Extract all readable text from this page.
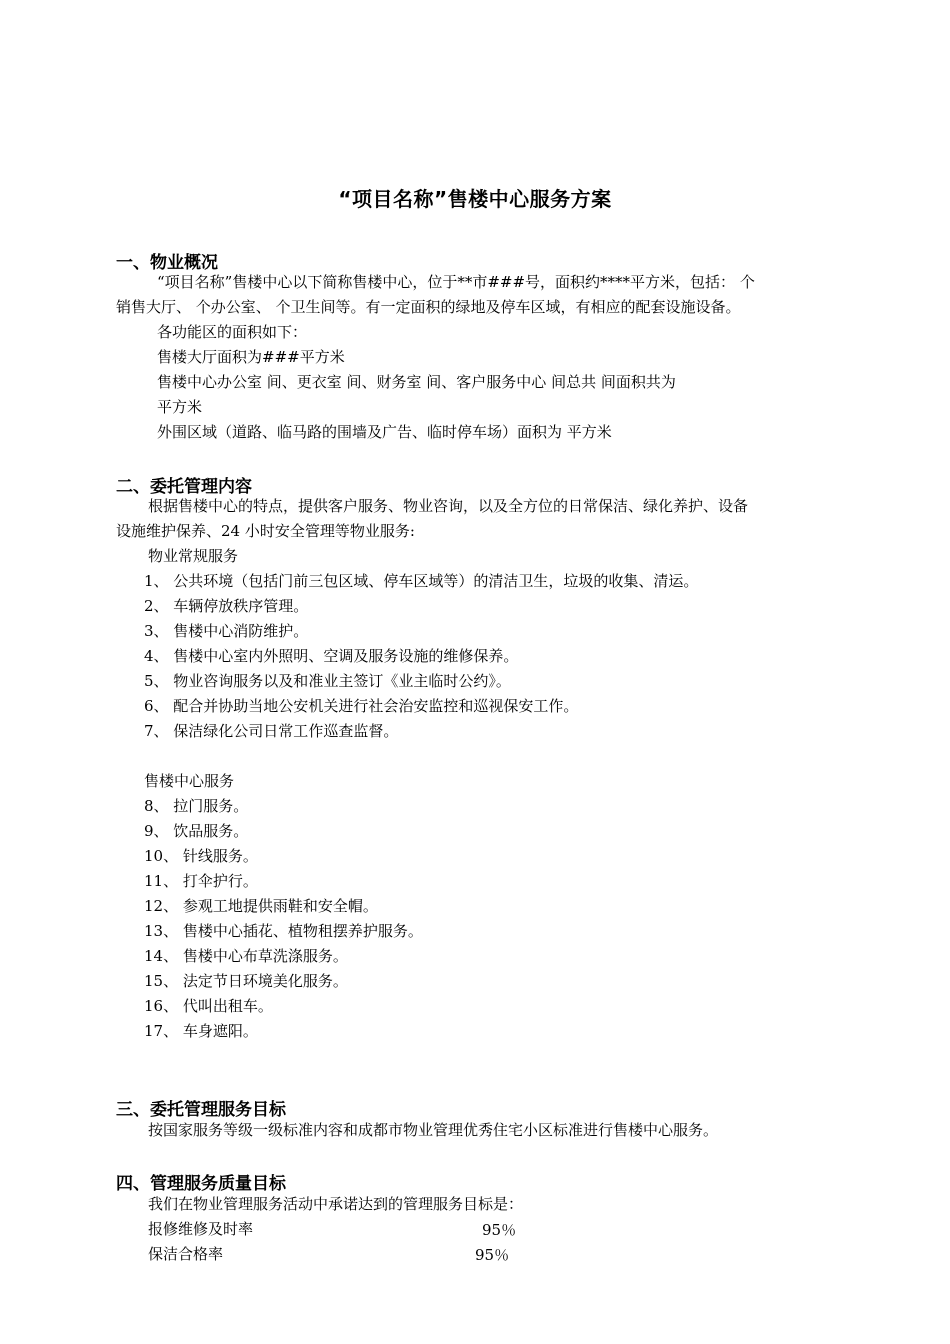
“项目名称”售楼中心服务方案
一、物业概况
“项目名称”售楼中心以下简称售楼中心，位于**市###号，面积约****平方米，包括： 个
销售大厅、 个办公室、 个卫生间等。有一定面积的绿地及停车区域，有相应的配套设施设备。
各功能区的面积如下：
售楼大厅面积为###平方米
售楼中心办公室 间、更衣室 间、财务室 间、客户服务中心 间总共 间面积共为
平方米
外围区域（道路、临马路的围墙及广告、临时停车场）面积为 平方米
二、委托管理内容
根据售楼中心的特点，提供客户服务、物业咨询，以及全方位的日常保洁、绿化养护、设备
设施维护保养、24 小时安全管理等物业服务:
物业常规服务
1、 公共环境（包括门前三包区域、停车区域等）的清洁卫生，垃圾的收集、清运。
2、 车辆停放秩序管理。
3、 售楼中心消防维护。
4、 售楼中心室内外照明、空调及服务设施的维修保养。
5、 物业咨询服务以及和准业主签订《业主临时公约》。
6、 配合并协助当地公安机关进行社会治安监控和巡视保安工作。
7、 保洁绿化公司日常工作巡查监督。
售楼中心服务
8、 拉门服务。
9、 饮品服务。
10、 针线服务。
11、 打伞护行。
12、 参观工地提供雨鞋和安全帽。
13、 售楼中心插花、植物租摆养护服务。
14、 售楼中心布草洗涤服务。
15、 法定节日环境美化服务。
16、 代叫出租车。
17、 车身遮阳。
三、委托管理服务目标
按国家服务等级一级标准内容和成都市物业管理优秀住宅小区标准进行售楼中心服务。
四、管理服务质量目标
我们在物业管理服务活动中承诺达到的管理服务目标是：
报修维修及时率	95％
保洁合格率	95％
